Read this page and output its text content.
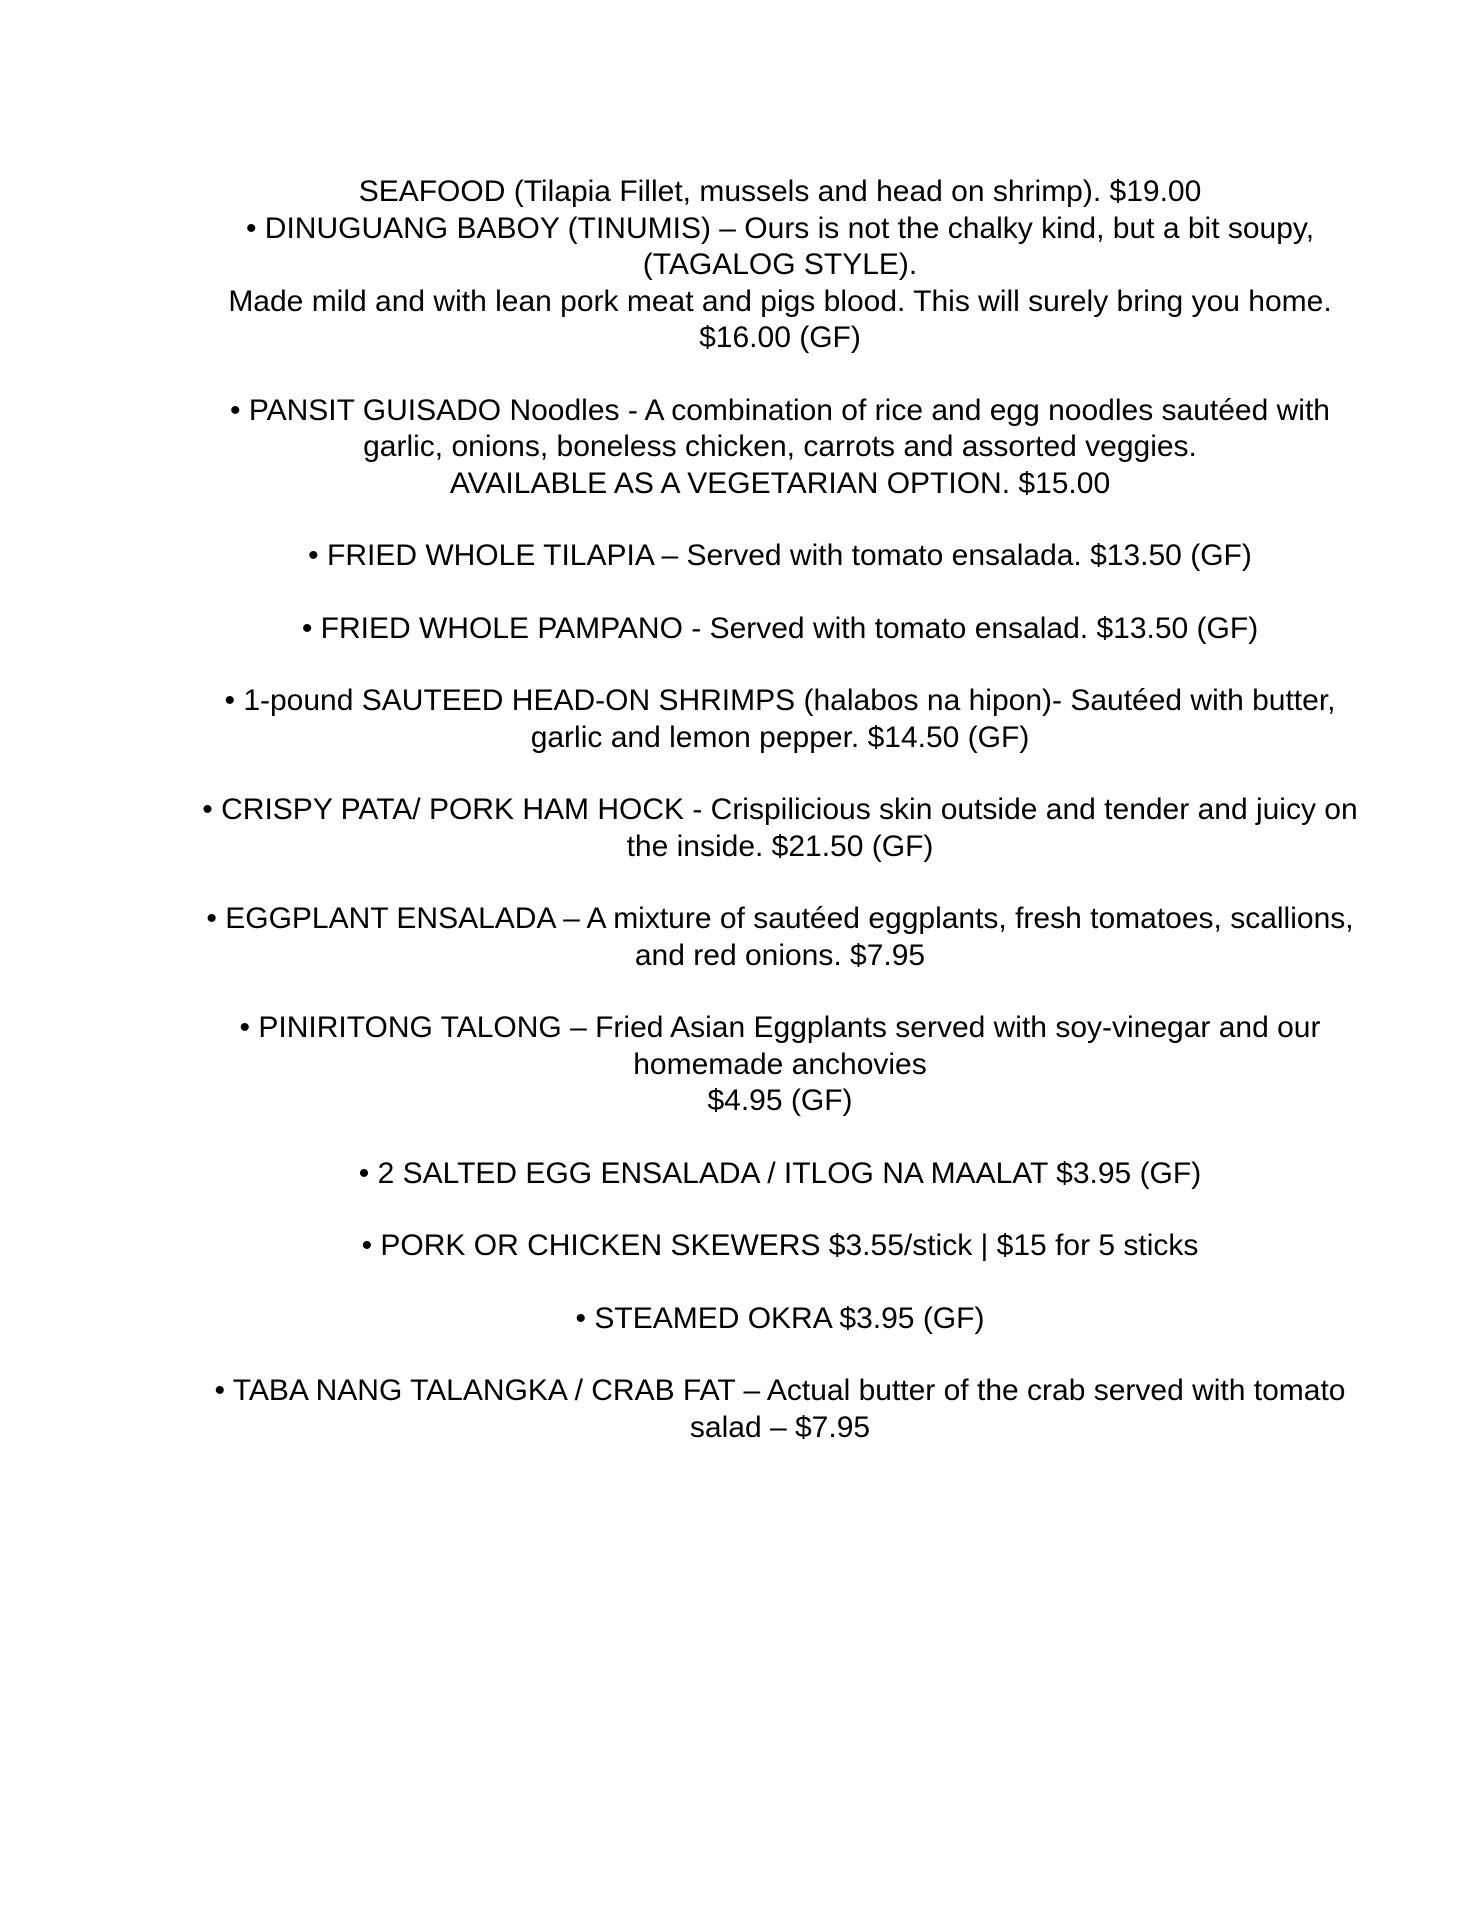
SEAFOOD (Tilapia Fillet, mussels and head on shrimp). $19.00
• DINUGUANG BABOY (TINUMIS) – Ours is not the chalky kind, but a bit soupy,
(TAGALOG STYLE).
Made mild and with lean pork meat and pigs blood. This will surely bring you home.
$16.00 (GF)
• PANSIT GUISADO Noodles - A combination of rice and egg noodles sautéed with
garlic, onions, boneless chicken, carrots and assorted veggies.
AVAILABLE AS A VEGETARIAN OPTION. $15.00
• FRIED WHOLE TILAPIA – Served with tomato ensalada. $13.50 (GF)
• FRIED WHOLE PAMPANO - Served with tomato ensalad. $13.50 (GF)
• 1-pound SAUTEED HEAD-ON SHRIMPS (halabos na hipon)- Sautéed with butter,
garlic and lemon pepper. $14.50 (GF)
• CRISPY PATA/ PORK HAM HOCK - Crispilicious skin outside and tender and juicy on
the inside. $21.50 (GF)
• EGGPLANT ENSALADA – A mixture of sautéed eggplants, fresh tomatoes, scallions,
and red onions. $7.95
• PINIRITONG TALONG – Fried Asian Eggplants served with soy-vinegar and our
homemade anchovies
$4.95 (GF)
• 2 SALTED EGG ENSALADA / ITLOG NA MAALAT $3.95 (GF)
• PORK OR CHICKEN SKEWERS $3.55/stick | $15 for 5 sticks
• STEAMED OKRA $3.95 (GF)
• TABA NANG TALANGKA / CRAB FAT – Actual butter of the crab served with tomato
salad – $7.95
